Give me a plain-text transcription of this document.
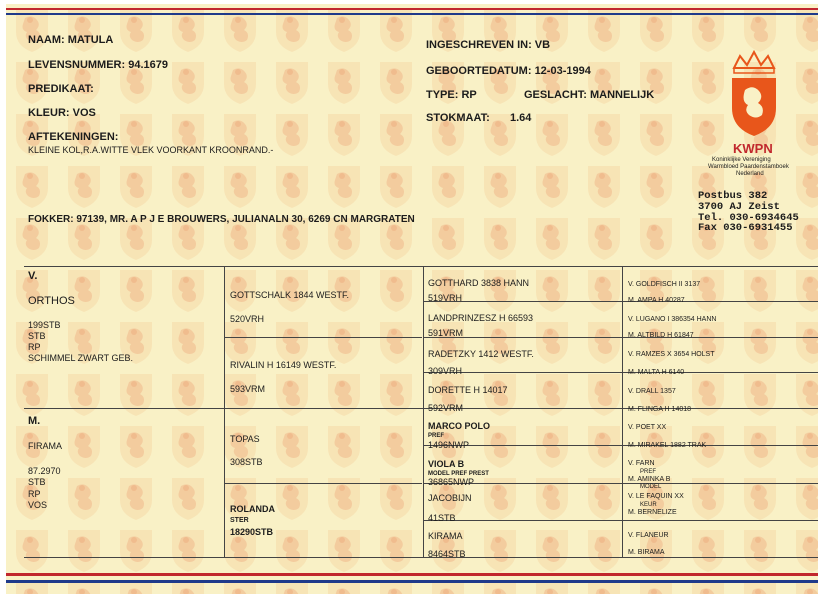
NAAM: MATULA
LEVENSNUMMER: 94.1679
PREDIKAAT:
KLEUR: VOS
AFTEKENINGEN:
KLEINE KOL,R.A.WITTE VLEK VOORKANT KROONRAND.-
INGESCHREVEN IN: VB
GEBOORTEDATUM: 12-03-1994
TYPE: RP	GESLACHT: MANNELIJK
STOKMAAT: 1.64
FOKKER: 97139, MR. A P J E BROUWERS, JULIANALN 30, 6269 CN MARGRATEN
KWPN
Koninklijke Vereniging
Warmbloed Paardenstamboek
Nederland
Postbus 382
3700 AJ Zeist
Tel. 030-6934645
Fax 030-6931455
V.
ORTHOS
199STB
STB
RP
SCHIMMEL ZWART GEB.
M.
FIRAMA
87.2970
STB
RP
VOS
GOTTSCHALK 1844 WESTF.
520VRH
RIVALIN H 16149 WESTF.
593VRM
TOPAS
308STB
ROLANDA
STER
18290STB
GOTTHARD 3838 HANN
519VRH
LANDPRINZESZ H 66593
591VRM
RADETZKY 1412 WESTF.
309VRH
DORETTE H 14017
592VRM
MARCO POLO
PREF
1496NWP
VIOLA B
MODEL PREF PREST
36865NWP
JACOBIJN
41STB
KIRAMA
8464STB
V. GOLDFISCH II 3137
M. AMPA H 40287
V. LUGANO I 386354 HANN
M. ALTBILD H 61847
V. RAMZES X 3654 HOLST
M. MALTA H 6140
V. DRALL 1357
M. FLINGA H 14018
V. POET XX
M. MIRAKEL 1882 TRAK
V. FARN
PREF
M. AMINKA B
MODEL
V. LE FAQUIN XX
KEUR
M. BERNELIZE
V. FLANEUR
M. BIRAMA
